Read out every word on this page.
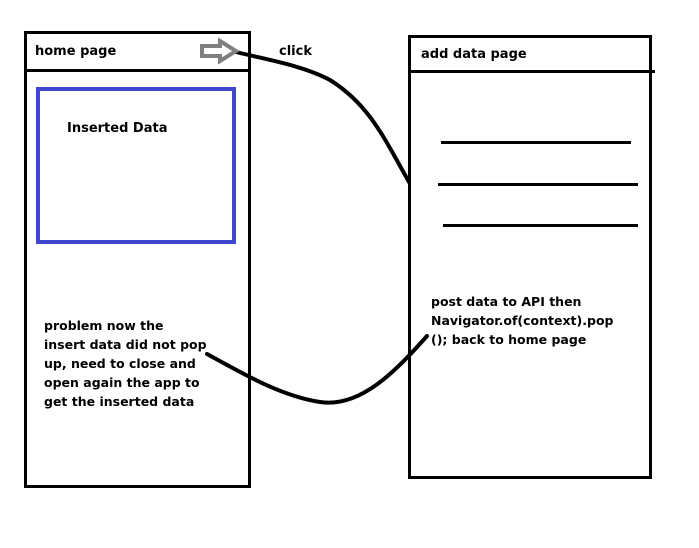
home page
Inserted Data
add data page
click
problem now the
insert data did not pop
up, need to close and
open again the app to
get the inserted data
post data to API then
Navigator.of(context).pop
(); back to home page
